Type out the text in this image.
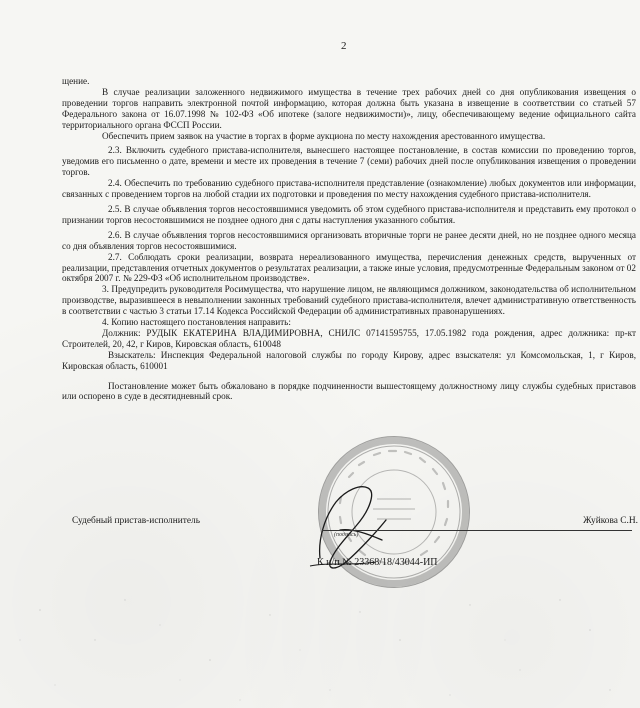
2

щение.

В случае реализации заложенного недвижимого имущества в течение трех рабочих дней со дня опубликования извещения о проведении торгов направить электронной почтой информацию, которая должна быть указана в извещение в соответствии со статьей 57 Федерального закона от 16.07.1998 № 102-ФЗ «Об ипотеке (залоге недвижимости)», лицу, обеспечивающему ведение официального сайта территориального органа ФССП России.

Обеспечить прием заявок на участие в торгах в форме аукциона по месту нахождения арестованного имущества.

2.3. Включить судебного пристава-исполнителя, вынесшего настоящее постановление, в состав комиссии по проведению торгов, уведомив его письменно о дате, времени и месте их проведения в течение 7 (семи) рабочих дней после опубликования извещения о проведении торгов.

2.4. Обеспечить по требованию судебного пристава-исполнителя представление (ознакомление) любых документов или информации, связанных с проведением торгов на любой стадии их подготовки и проведения по месту нахождения судебного пристава-исполнителя.

2.5. В случае объявления торгов несостоявшимися уведомить об этом судебного пристава-исполнителя и представить ему протокол о признании торгов несостоявшимися не позднее одного дня с даты наступления указанного события.

2.6. В случае объявления торгов несостоявшимися организовать вторичные торги не ранее десяти дней, но не позднее одного месяца со дня объявления торгов несостоявшимися.

2.7. Соблюдать сроки реализации, возврата нереализованного имущества, перечисления денежных средств, вырученных от реализации, представления отчетных документов о результатах реализации, а также иные условия, предусмотренные Федеральным законом от 02 октября 2007 г. № 229-ФЗ «Об исполнительном производстве».

3. Предупредить руководителя Росимущества, что нарушение лицом, не являющимся должником, законодательства об исполнительном производстве, выразившееся в невыполнении законных требований судебного пристава-исполнителя, влечет административную ответственность в соответствии с частью 3 статьи 17.14 Кодекса Российской Федерации об административных правонарушениях.

4. Копию настоящего постановления направить:

Должник: РУДЫК ЕКАТЕРИНА ВЛАДИМИРОВНА, СНИЛС 07141595755, 17.05.1982 года рождения, адрес должника: пр-кт Строителей, 20, 42, г Киров, Кировская область, 610048

Взыскатель: Инспекция Федеральной налоговой службы по городу Кирову, адрес взыскателя: ул Комсомольская, 1, г Киров, Кировская область, 610001

Постановление может быть обжаловано в порядке подчиненности вышестоящему должностному лицу службы судебных приставов или оспорено в суде в десятидневный срок.

Судебный пристав-исполнитель
(подпись)
Жуйкова С.Н.
К и/п № 23368/18/43044-ИП
